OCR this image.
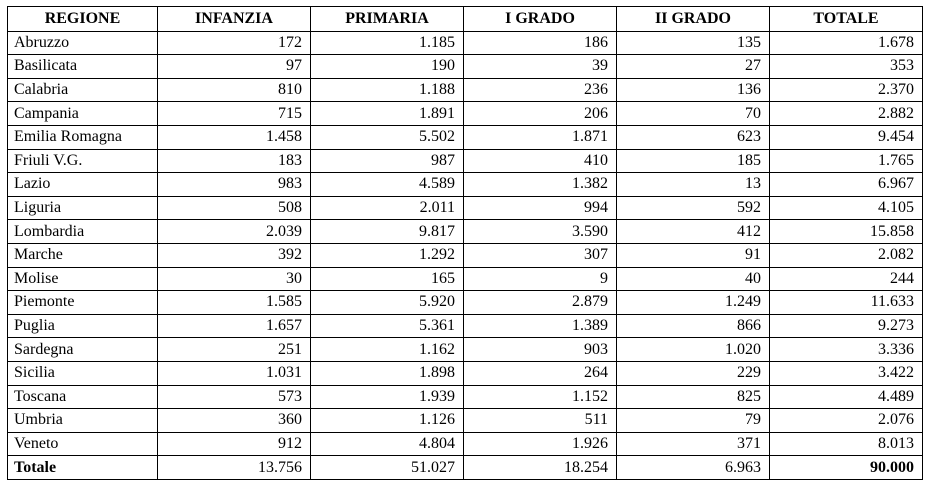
REGIONE	INFANZIA	PRIMARIA	I GRADO	II GRADO	TOTALE
Abruzzo	172	1.185	186	135	1.678
Basilicata	97	190	39	27	353
Calabria	810	1.188	236	136	2.370
Campania	715	1.891	206	70	2.882
Emilia Romagna	1.458	5.502	1.871	623	9.454
Friuli V.G.	183	987	410	185	1.765
Lazio	983	4.589	1.382	13	6.967
Liguria	508	2.011	994	592	4.105
Lombardia	2.039	9.817	3.590	412	15.858
Marche	392	1.292	307	91	2.082
Molise	30	165	9	40	244
Piemonte	1.585	5.920	2.879	1.249	11.633
Puglia	1.657	5.361	1.389	866	9.273
Sardegna	251	1.162	903	1.020	3.336
Sicilia	1.031	1.898	264	229	3.422
Toscana	573	1.939	1.152	825	4.489
Umbria	360	1.126	511	79	2.076
Veneto	912	4.804	1.926	371	8.013
Totale	13.756	51.027	18.254	6.963	90.000
